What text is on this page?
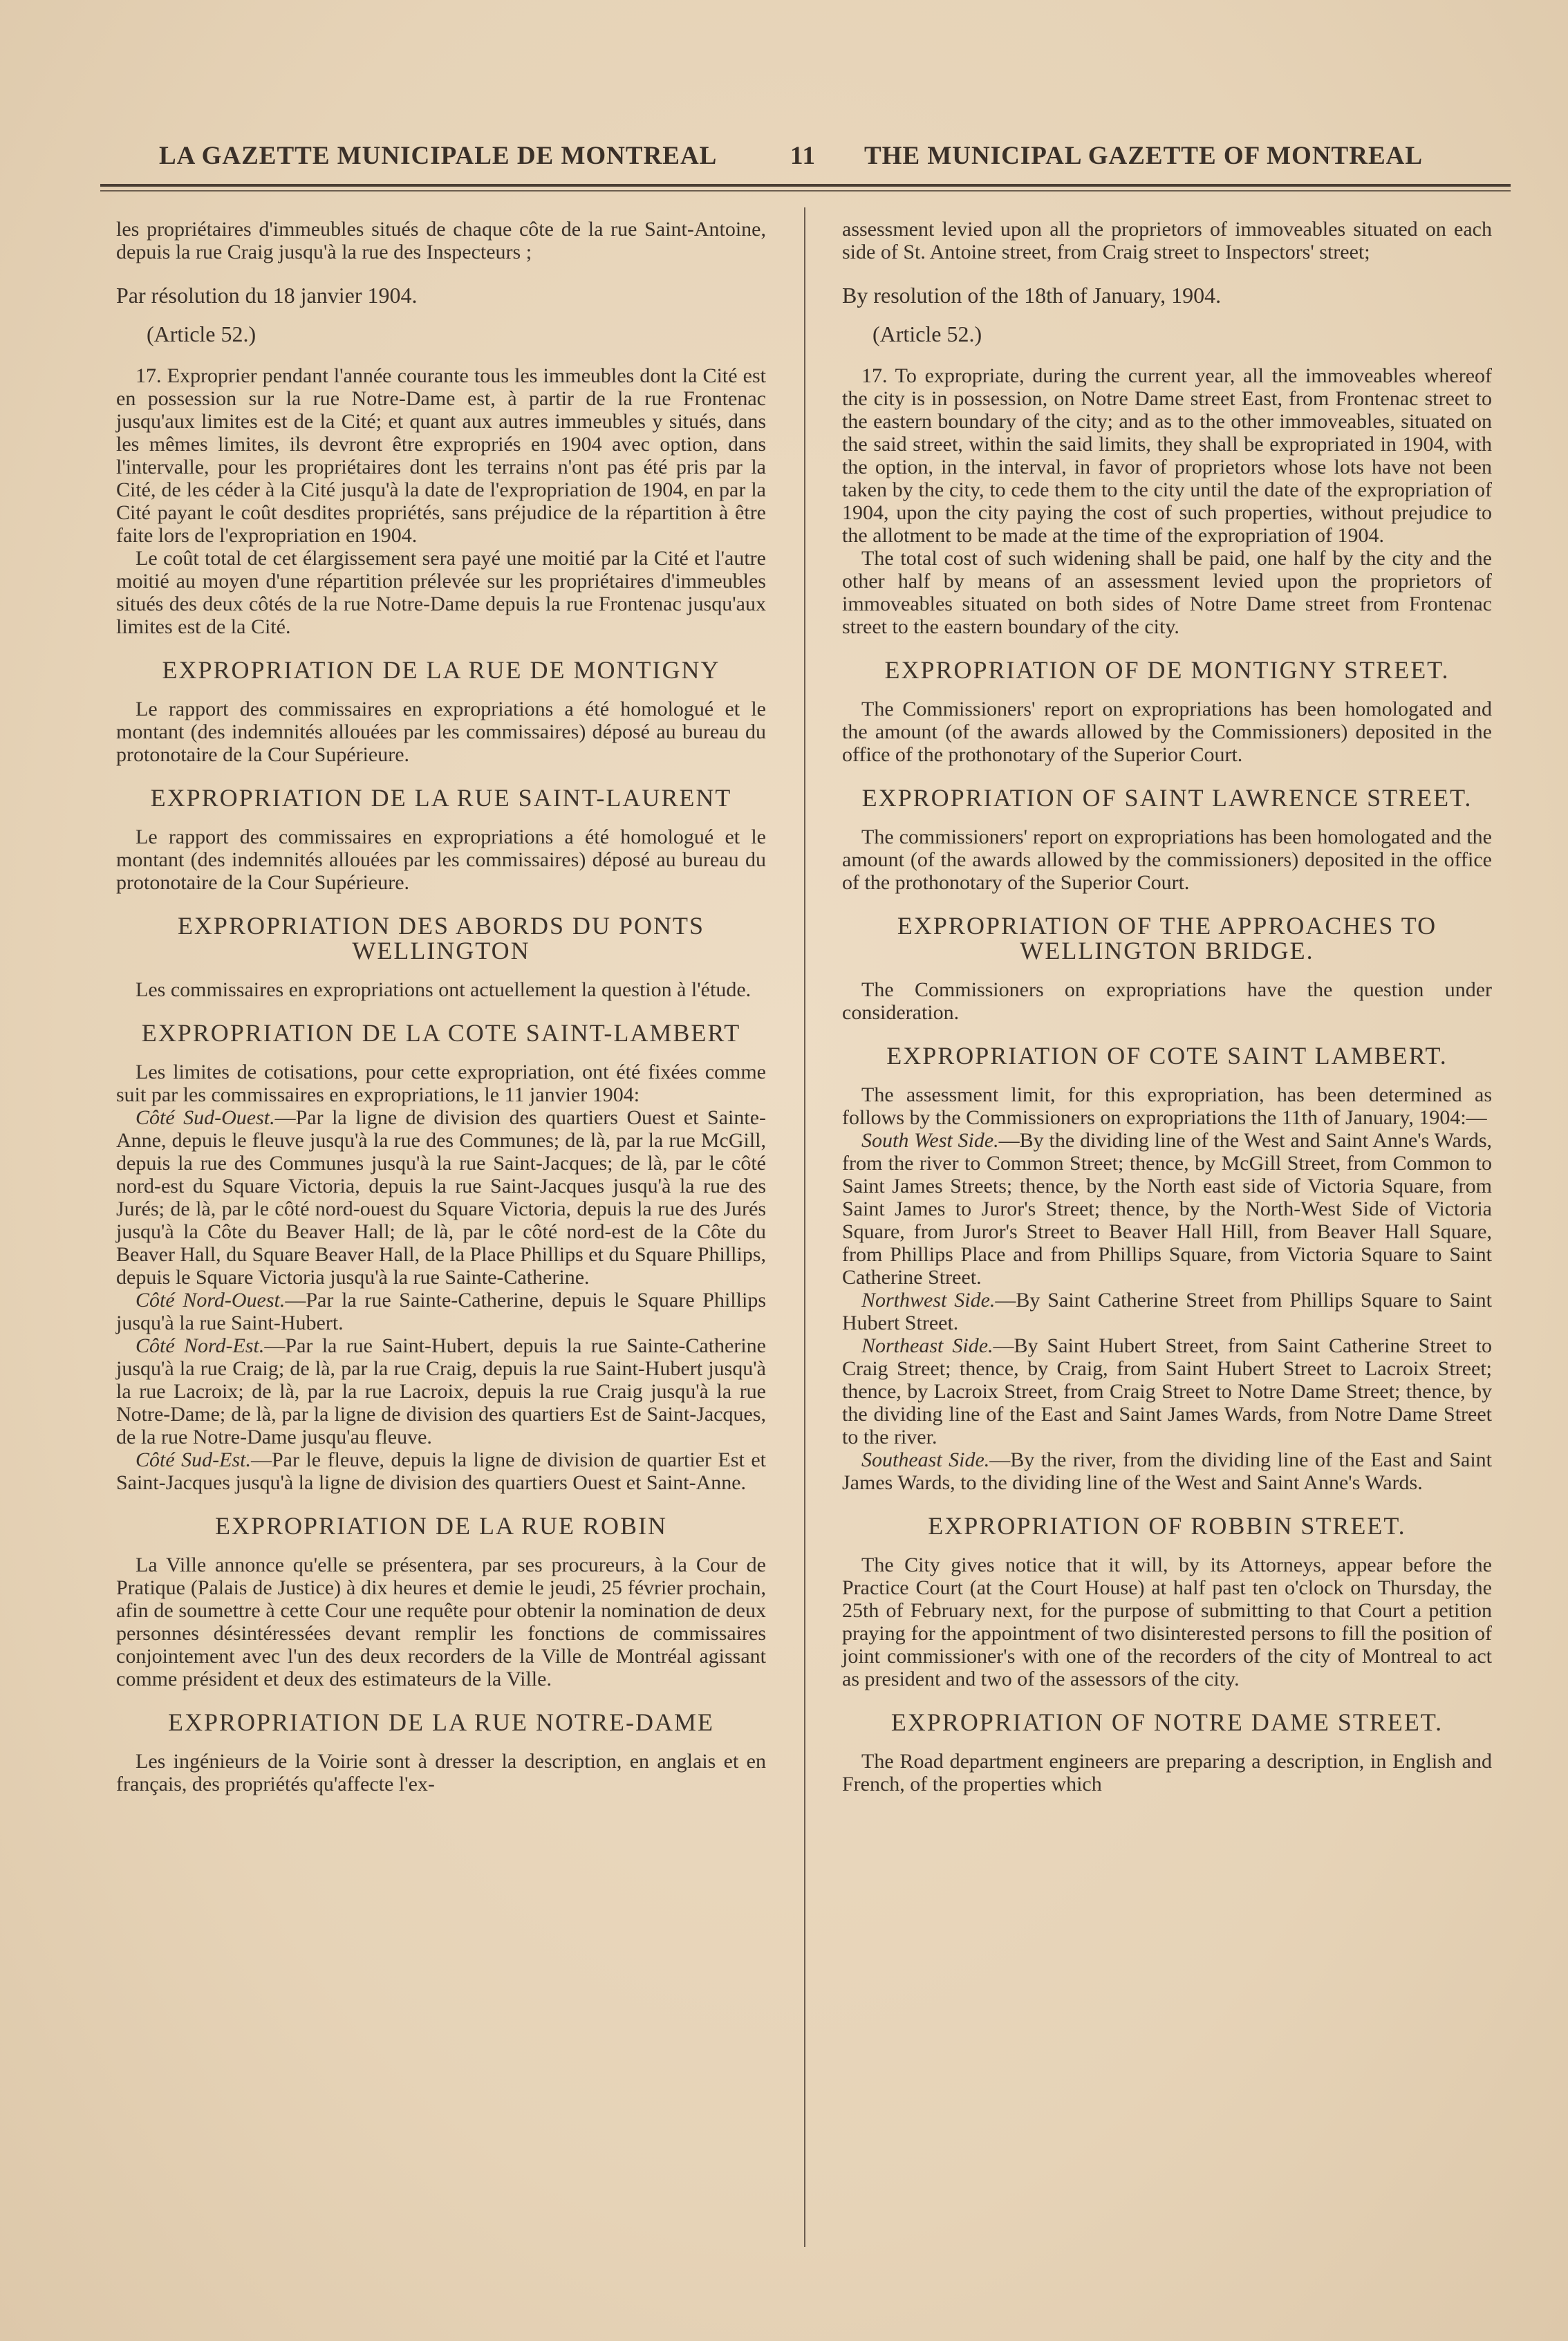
LA GAZETTE MUNICIPALE DE MONTREAL	11 THE MUNICIPAL GAZETTE OF MONTREAL

les propriétaires d'immeubles situés de chaque côte de la rue Saint-Antoine, depuis la rue Craig jusqu'à la rue des Inspecteurs ;

Par résolution du 18 janvier 1904.

(Article 52.)

17. Exproprier pendant l'année courante tous les immeubles dont la Cité est en possession sur la rue Notre-Dame est, à partir de la rue Frontenac jusqu'aux limites est de la Cité; et quant aux autres immeubles y situés, dans les mêmes limites, ils devront être expropriés en 1904 avec option, dans l'intervalle, pour les propriétaires dont les terrains n'ont pas été pris par la Cité, de les céder à la Cité jusqu'à la date de l'expropriation de 1904, en par la Cité payant le coût desdites propriétés, sans préjudice de la répartition à être faite lors de l'expropriation en 1904.

Le coût total de cet élargissement sera payé une moitié par la Cité et l'autre moitié au moyen d'une répartition prélevée sur les propriétaires d'immeubles situés des deux côtés de la rue Notre-Dame depuis la rue Frontenac jusqu'aux limites est de la Cité.

EXPROPRIATION DE LA RUE DE MONTIGNY

Le rapport des commissaires en expropriations a été homologué et le montant (des indemnités allouées par les commissaires) déposé au bureau du protonotaire de la Cour Supérieure.

EXPROPRIATION DE LA RUE SAINT-LAURENT

Le rapport des commissaires en expropriations a été homologué et le montant (des indemnités allouées par les commissaires) déposé au bureau du protonotaire de la Cour Supérieure.

EXPROPRIATION DES ABORDS DU PONTS WELLINGTON

Les commissaires en expropriations ont actuellement la question à l'étude.

EXPROPRIATION DE LA COTE SAINT-LAMBERT

Les limites de cotisations, pour cette expropriation, ont été fixées comme suit par les commissaires en expropriations, le 11 janvier 1904:

Côté Sud-Ouest.—Par la ligne de division des quartiers Ouest et Sainte-Anne, depuis le fleuve jusqu'à la rue des Communes; de là, par la rue McGill, depuis la rue des Communes jusqu'à la rue Saint-Jacques; de là, par le côté nord-est du Square Victoria, depuis la rue Saint-Jacques jusqu'à la rue des Jurés; de là, par le côté nord-ouest du Square Victoria, depuis la rue des Jurés jusqu'à la Côte du Beaver Hall; de là, par le côté nord-est de la Côte du Beaver Hall, du Square Beaver Hall, de la Place Phillips et du Square Phillips, depuis le Square Victoria jusqu'à la rue Sainte-Catherine.

Côté Nord-Ouest.—Par la rue Sainte-Catherine, depuis le Square Phillips jusqu'à la rue Saint-Hubert.

Côté Nord-Est.—Par la rue Saint-Hubert, depuis la rue Sainte-Catherine jusqu'à la rue Craig; de là, par la rue Craig, depuis la rue Saint-Hubert jusqu'à la rue Lacroix; de là, par la rue Lacroix, depuis la rue Craig jusqu'à la rue Notre-Dame; de là, par la ligne de division des quartiers Est de Saint-Jacques, de la rue Notre-Dame jusqu'au fleuve.

Côté Sud-Est.—Par le fleuve, depuis la ligne de division de quartier Est et Saint-Jacques jusqu'à la ligne de division des quartiers Ouest et Saint-Anne.

EXPROPRIATION DE LA RUE ROBIN

La Ville annonce qu'elle se présentera, par ses procureurs, à la Cour de Pratique (Palais de Justice) à dix heures et demie le jeudi, 25 février prochain, afin de soumettre à cette Cour une requête pour obtenir la nomination de deux personnes désintéressées devant remplir les fonctions de commissaires conjointement avec l'un des deux recorders de la Ville de Montréal agissant comme président et deux des estimateurs de la Ville.

EXPROPRIATION DE LA RUE NOTRE-DAME

Les ingénieurs de la Voirie sont à dresser la description, en anglais et en français, des propriétés qu'affecte l'ex-

assessment levied upon all the proprietors of immoveables situated on each side of St. Antoine street, from Craig street to Inspectors' street;

By resolution of the 18th of January, 1904.

(Article 52.)

17. To expropriate, during the current year, all the immoveables whereof the city is in possession, on Notre Dame street East, from Frontenac street to the eastern boundary of the city; and as to the other immoveables, situated on the said street, within the said limits, they shall be expropriated in 1904, with the option, in the interval, in favor of proprietors whose lots have not been taken by the city, to cede them to the city until the date of the expropriation of 1904, upon the city paying the cost of such properties, without prejudice to the allotment to be made at the time of the expropriation of 1904.

The total cost of such widening shall be paid, one half by the city and the other half by means of an assessment levied upon the proprietors of immoveables situated on both sides of Notre Dame street from Frontenac street to the eastern boundary of the city.

EXPROPRIATION OF DE MONTIGNY STREET.

The Commissioners' report on expropriations has been homologated and the amount (of the awards allowed by the Commissioners) deposited in the office of the prothonotary of the Superior Court.

EXPROPRIATION OF SAINT LAWRENCE STREET.

The commissioners' report on expropriations has been homologated and the amount (of the awards allowed by the commissioners) deposited in the office of the prothonotary of the Superior Court.

EXPROPRIATION OF THE APPROACHES TO WELLINGTON BRIDGE.

The Commissioners on expropriations have the question under consideration.

EXPROPRIATION OF COTE SAINT LAMBERT.

The assessment limit, for this expropriation, has been determined as follows by the Commissioners on expropriations the 11th of January, 1904:—

South West Side.—By the dividing line of the West and Saint Anne's Wards, from the river to Common Street; thence, by McGill Street, from Common to Saint James Streets; thence, by the North east side of Victoria Square, from Saint James to Juror's Street; thence, by the North-West Side of Victoria Square, from Juror's Street to Beaver Hall Hill, from Beaver Hall Square, from Phillips Place and from Phillips Square, from Victoria Square to Saint Catherine Street.

Northwest Side.—By Saint Catherine Street from Phillips Square to Saint Hubert Street.

Northeast Side.—By Saint Hubert Street, from Saint Catherine Street to Craig Street; thence, by Craig, from Saint Hubert Street to Lacroix Street; thence, by Lacroix Street, from Craig Street to Notre Dame Street; thence, by the dividing line of the East and Saint James Wards, from Notre Dame Street to the river.

Southeast Side.—By the river, from the dividing line of the East and Saint James Wards, to the dividing line of the West and Saint Anne's Wards.

EXPROPRIATION OF ROBBIN STREET.

The City gives notice that it will, by its Attorneys, appear before the Practice Court (at the Court House) at half past ten o'clock on Thursday, the 25th of February next, for the purpose of submitting to that Court a petition praying for the appointment of two disinterested persons to fill the position of joint commissioner's with one of the recorders of the city of Montreal to act as president and two of the assessors of the city.

EXPROPRIATION OF NOTRE DAME STREET.

The Road department engineers are preparing a description, in English and French, of the properties which
